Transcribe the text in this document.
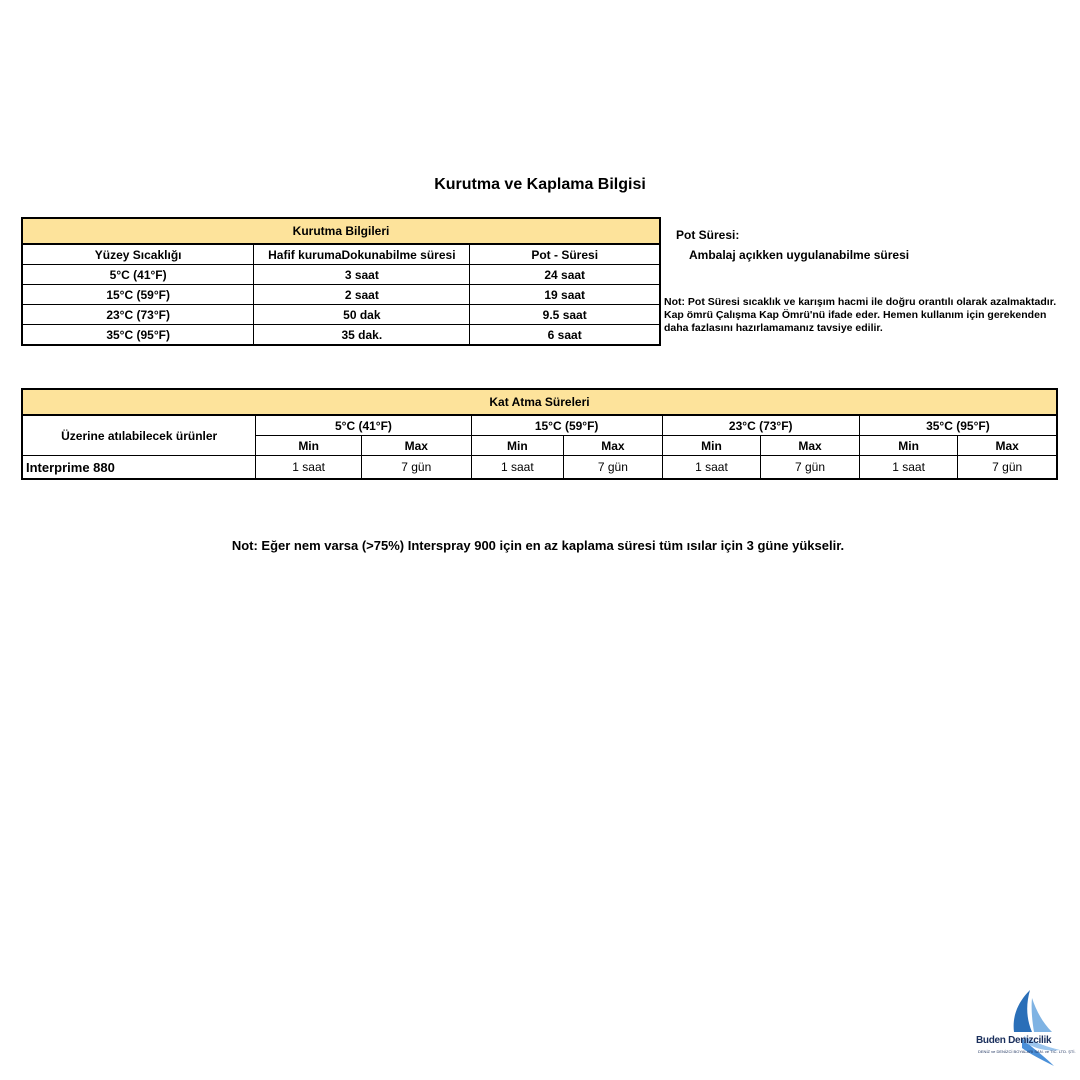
Kurutma ve Kaplama Bilgisi
Kurutma Bilgileri		
Yüzey Sıcaklığı	Hafif kurumaDokunabilme süresi	Pot - Süresi
5°C (41°F)	3 saat	24 saat
15°C (59°F)	2 saat	19 saat
23°C (73°F)	50 dak	9.5 saat
35°C (95°F)	35 dak.	6 saat
Pot Süresi:
Ambalaj açıkken uygulanabilme süresi
Not: Pot Süresi sıcaklık ve karışım hacmi ile doğru orantılı olarak azalmaktadır. Kap ömrü Çalışma Kap Ömrü'nü ifade eder. Hemen kullanım için gerekenden daha fazlasını hazırlamamanız tavsiye edilir.
Kat Atma Süreleri								
Üzerine atılabilecek ürünler	5°C (41°F)		15°C (59°F)		23°C (73°F)		35°C (95°F)	
	Min	Max	Min	Max	Min	Max	Min	Max
Interprime 880	1 saat	7 gün	1 saat	7 gün	1 saat	7 gün	1 saat	7 gün
Not: Eğer nem varsa (>75%) Interspray 900 için en az kaplama süresi tüm ısılar için 3 güne yükselir.
Buden Denizcilik
DENİZ ve DENİZCİ BOYALARI SAN. ve TİC. LTD. ŞTİ.
